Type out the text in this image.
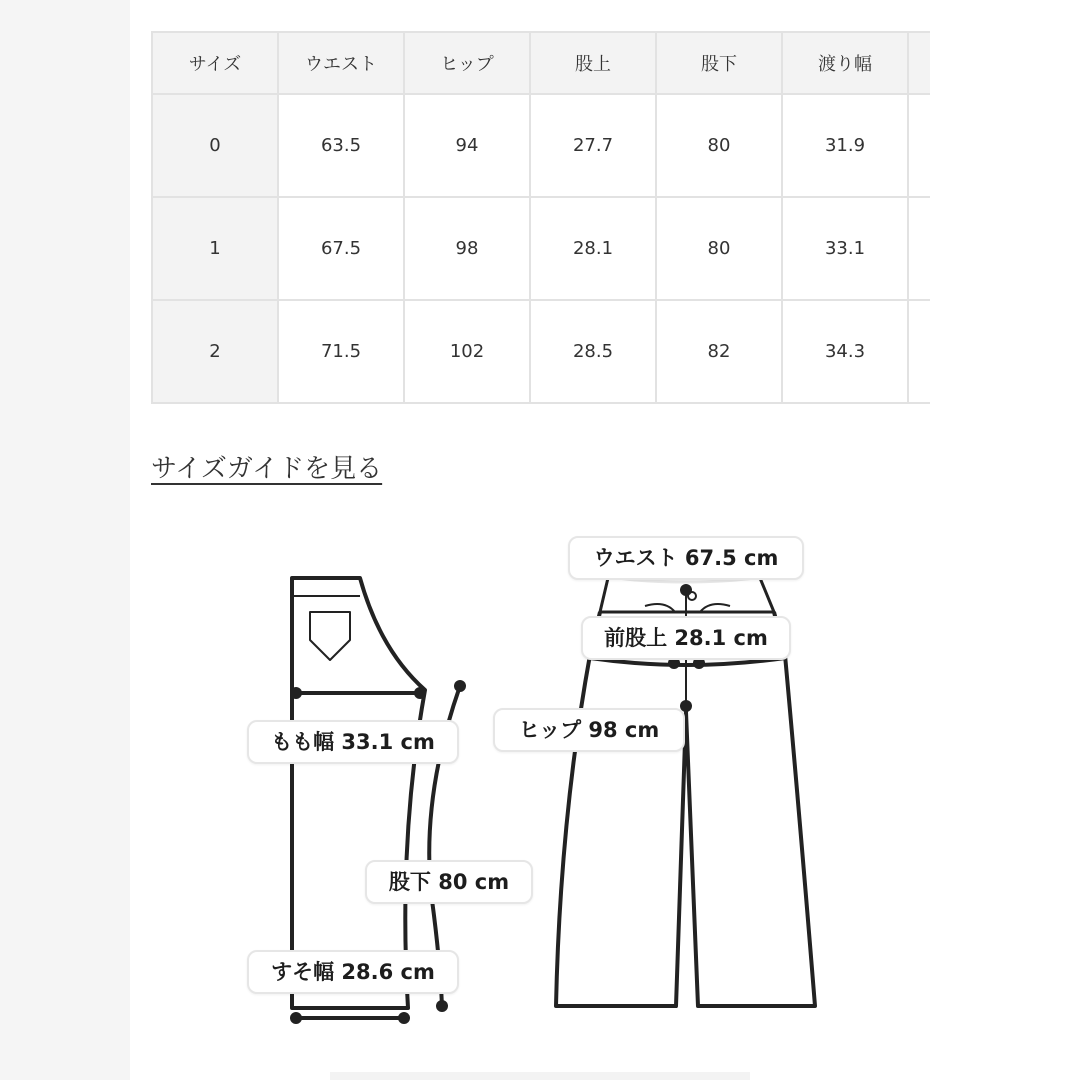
サイズ	ウエスト	ヒップ	股上	股下	渡り幅	
0	63.5	94	27.7	80	31.9	
1	67.5	98	28.1	80	33.1	
2	71.5	102	28.5	82	34.3	
サイズガイドを見る
ウエスト 67.5 cm
前股上 28.1 cm
ヒップ 98 cm
もも幅 33.1 cm
股下 80 cm
すそ幅 28.6 cm
